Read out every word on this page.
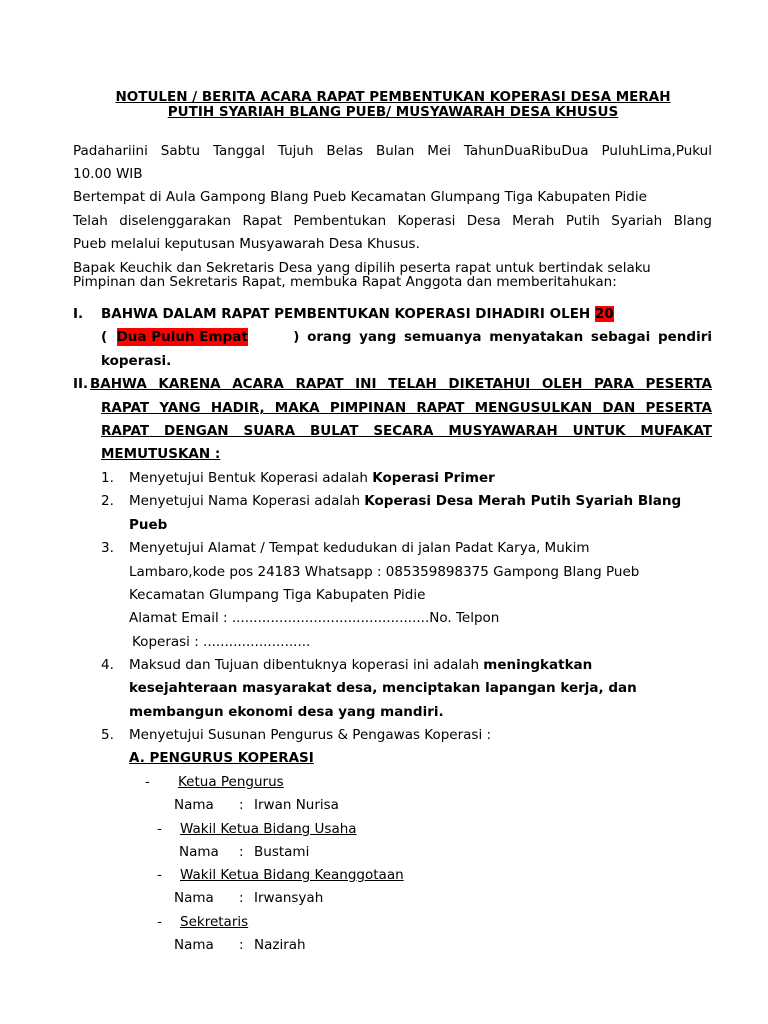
NOTULEN / BERITA ACARA RAPAT PEMBENTUKAN KOPERASI DESA MERAH
PUTIH SYARIAH BLANG PUEB/ MUSYAWARAH DESA KHUSUS
Padahariini Sabtu Tanggal Tujuh Belas Bulan Mei TahunDuaRibuDua PuluhLima,Pukul
10.00 WIB
Bertempat di Aula Gampong Blang Pueb Kecamatan Glumpang Tiga Kabupaten Pidie
Telah diselenggarakan Rapat Pembentukan Koperasi Desa Merah Putih Syariah Blang
Pueb melalui keputusan Musyawarah Desa Khusus.
Bapak Keuchik dan Sekretaris Desa yang dipilih peserta rapat untuk bertindak selaku
Pimpinan dan Sekretaris Rapat, membuka Rapat Anggota dan memberitahukan:
I. BAHWA DALAM RAPAT PEMBENTUKAN KOPERASI DIHADIRI OLEH 20
( Dua Puluh Empat	) orang yang semuanya menyatakan sebagai pendiri
koperasi.
II. BAHWA KARENA ACARA RAPAT INI TELAH DIKETAHUI OLEH PARA PESERTA
RAPAT YANG HADIR, MAKA PIMPINAN RAPAT MENGUSULKAN DAN PESERTA
RAPAT DENGAN SUARA BULAT SECARA MUSYAWARAH UNTUK MUFAKAT
MEMUTUSKAN :
1. Menyetujui Bentuk Koperasi adalah Koperasi Primer
2. Menyetujui Nama Koperasi adalah Koperasi Desa Merah Putih Syariah Blang
Pueb
3. Menyetujui Alamat / Tempat kedudukan di jalan Padat Karya, Mukim
Lambaro,kode pos 24183 Whatsapp : 085359898375 Gampong Blang Pueb
Kecamatan Glumpang Tiga Kabupaten Pidie
Alamat Email : ..............................................No. Telpon
Koperasi : .........................
4. Maksud dan Tujuan dibentuknya koperasi ini adalah meningkatkan
kesejahteraan masyarakat desa, menciptakan lapangan kerja, dan
membangun ekonomi desa yang mandiri.
5. Menyetujui Susunan Pengurus & Pengawas Koperasi :
A. PENGURUS KOPERASI
- Ketua Pengurus
Nama : Irwan Nurisa
- Wakil Ketua Bidang Usaha
Nama : Bustami
- Wakil Ketua Bidang Keanggotaan
Nama : Irwansyah
- Sekretaris
Nama : Nazirah
